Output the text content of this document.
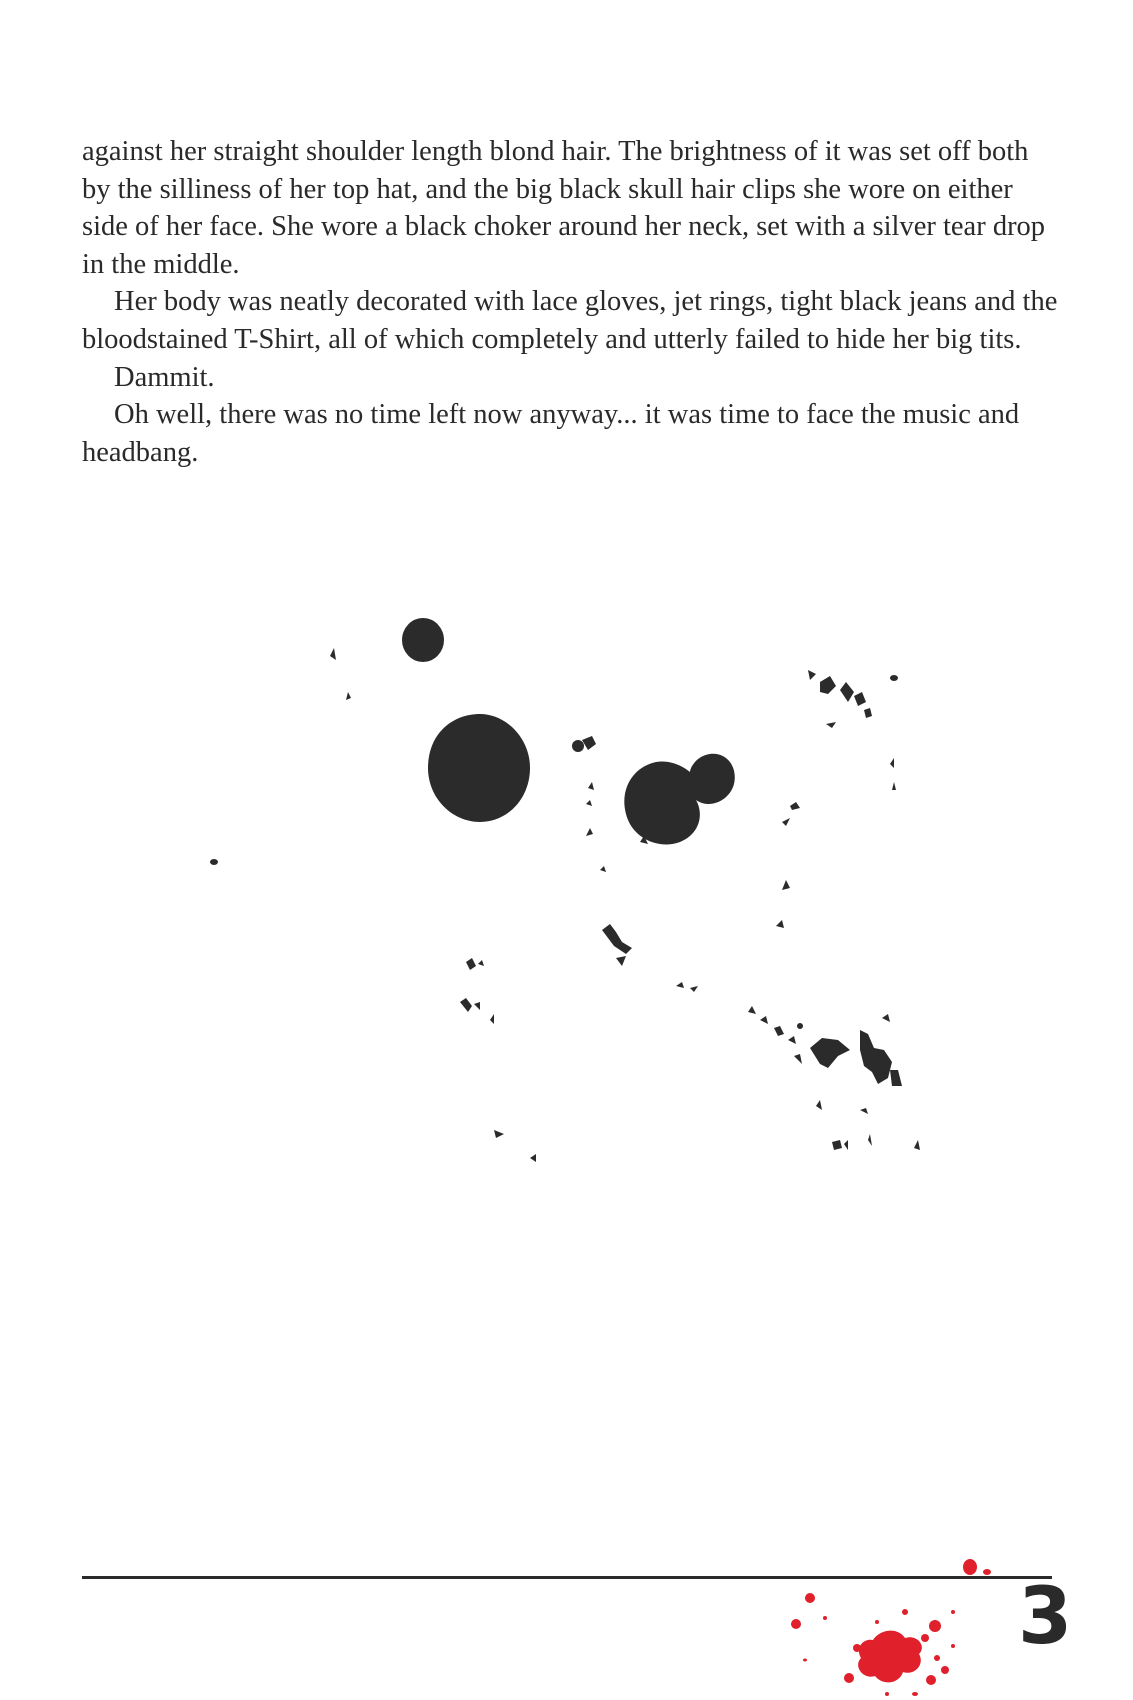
against her straight shoulder length blond hair. The brightness of it was set off both by the silliness of her top hat, and the big black skull hair clips she wore on either side of her face. She wore a black choker around her neck, set with a silver tear drop in the middle.

Her body was neatly decorated with lace gloves, jet rings, tight black jeans and the bloodstained T-Shirt, all of which completely and utterly failed to hide her big tits.

Dammit.

Oh well, there was no time left now anyway... it was time to face the music and headbang.

3
